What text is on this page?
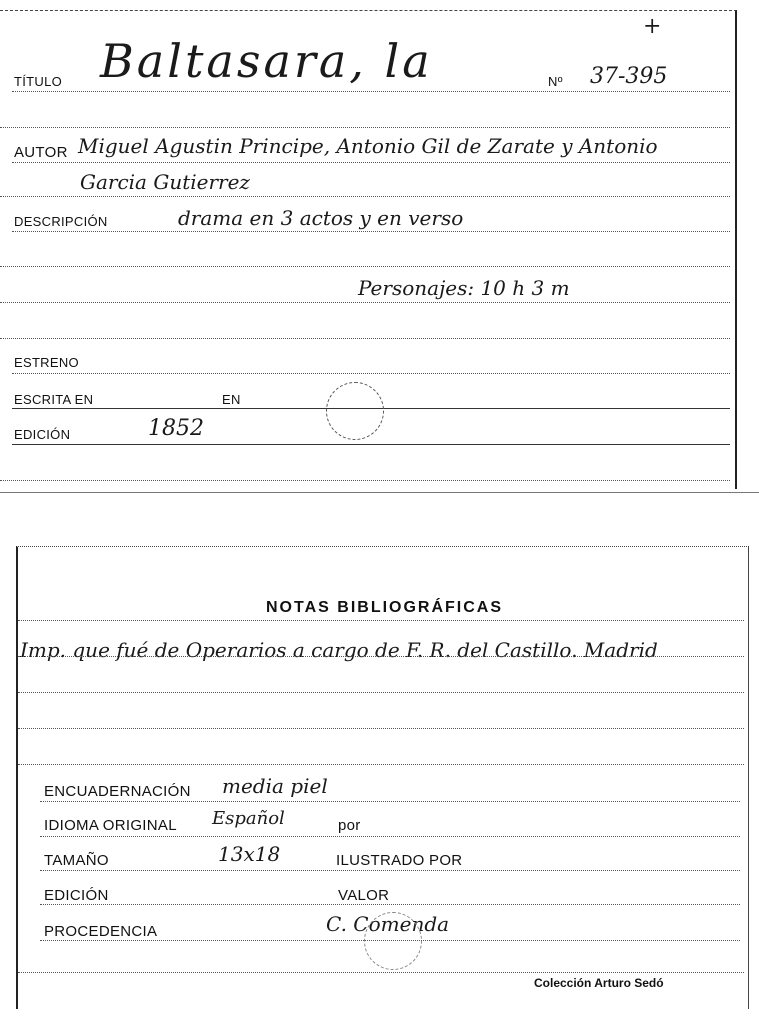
+
TÍTULO Baltasara, la	Nº 37-395
AUTOR Miguel Agustin Principe, Antonio Gil de Zarate y Antonio
Garcia Gutierrez
DESCRIPCIÓN	drama en 3 actos y en verso
Personajes: 10 h 3 m
ESTRENO
ESCRITA EN	EN
EDICIÓN	1852
NOTAS BIBLIOGRÁFICAS
Imp. que fué de Operarios a cargo de F. R. del Castillo. Madrid
ENCUADERNACIÓN media piel
IDIOMA ORIGINAL Español	por
TAMAÑO	13x18	ILUSTRADO POR
EDICIÓN	VALOR
PROCEDENCIA	C. Comenda
Colección Arturo Sedó
